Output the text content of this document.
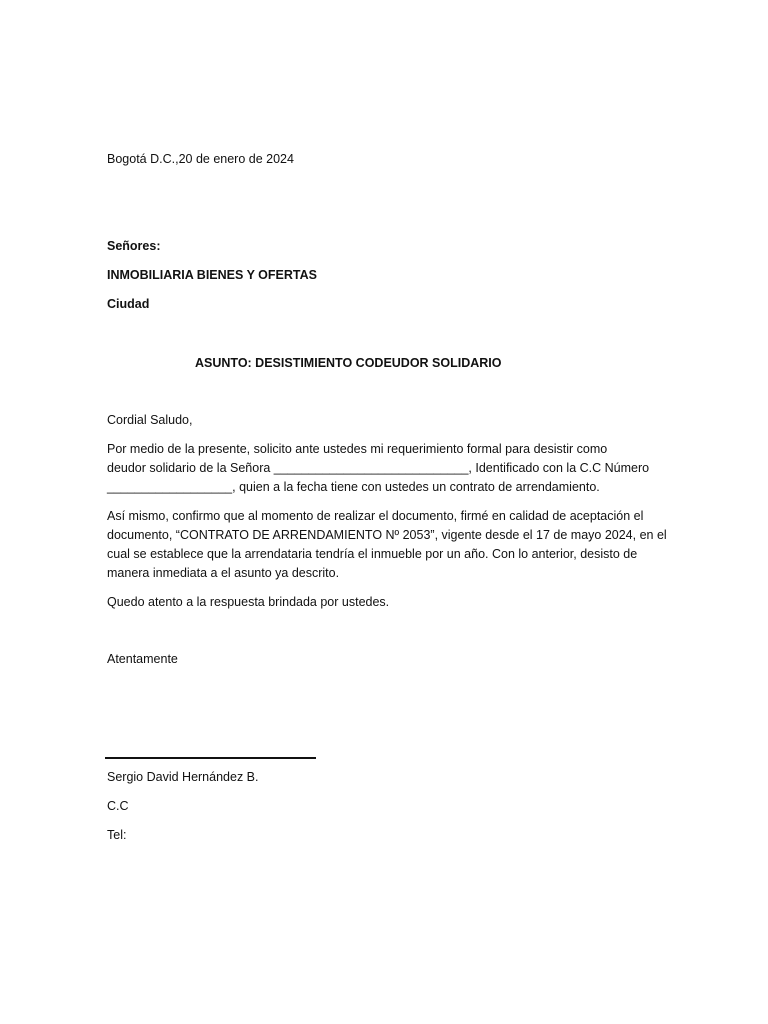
Bogotá D.C.,20 de enero de 2024
Señores:
INMOBILIARIA BIENES Y OFERTAS
Ciudad
ASUNTO: DESISTIMIENTO CODEUDOR SOLIDARIO
Cordial Saludo,
Por medio de la presente, solicito ante ustedes mi requerimiento formal para desistir como
deudor solidario de la Señora ____________________________, Identificado con la C.C Número
__________________, quien a la fecha tiene con ustedes un contrato de arrendamiento.
Así mismo, confirmo que al momento de realizar el documento, firmé en calidad de aceptación el
documento, “CONTRATO DE ARRENDAMIENTO Nº 2053”, vigente desde el 17 de mayo 2024, en el
cual se establece que la arrendataria tendría el inmueble por un año. Con lo anterior, desisto de
manera inmediata a el asunto ya descrito.
Quedo atento a la respuesta brindada por ustedes.
Atentamente
Sergio David Hernández B.
C.C
Tel:
